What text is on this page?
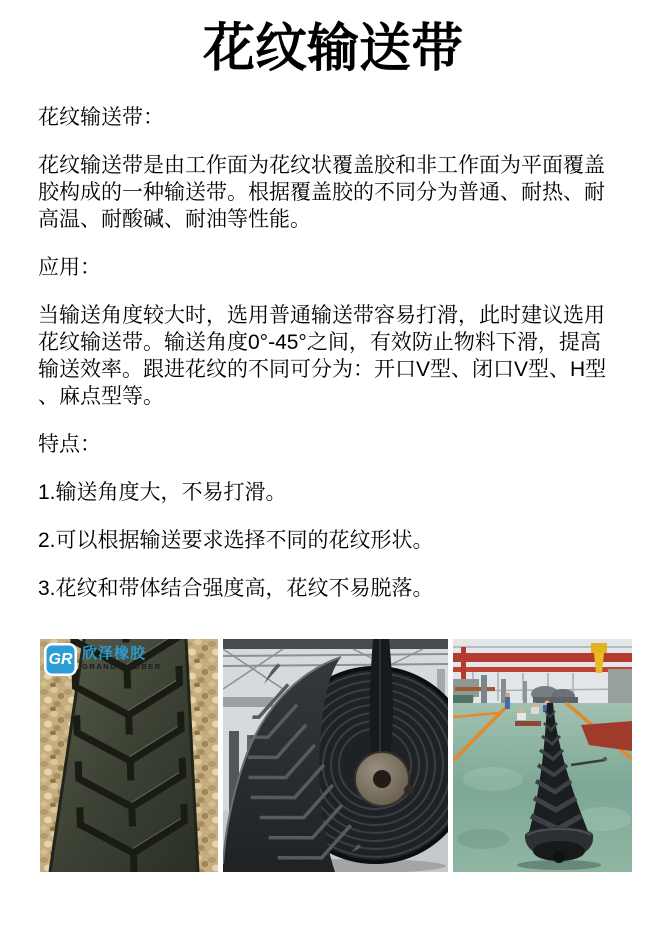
花纹输送带

花纹输送带：

花纹输送带是由工作面为花纹状覆盖胶和非工作面为平面覆盖
胶构成的一种输送带。根据覆盖胶的不同分为普通、耐热、耐
高温、耐酸碱、耐油等性能。

应用：

当输送角度较大时，选用普通输送带容易打滑，此时建议选用
花纹输送带。输送角度0°-45°之间，有效防止物料下滑，提高
输送效率。跟进花纹的不同可分为：开口V型、闭口V型、H型
、麻点型等。

特点：

1.输送角度大，不易打滑。

2.可以根据输送要求选择不同的花纹形状。

3.花纹和带体结合强度高，花纹不易脱落。

GR 欣泽橡胶
GRAND RUBBER
